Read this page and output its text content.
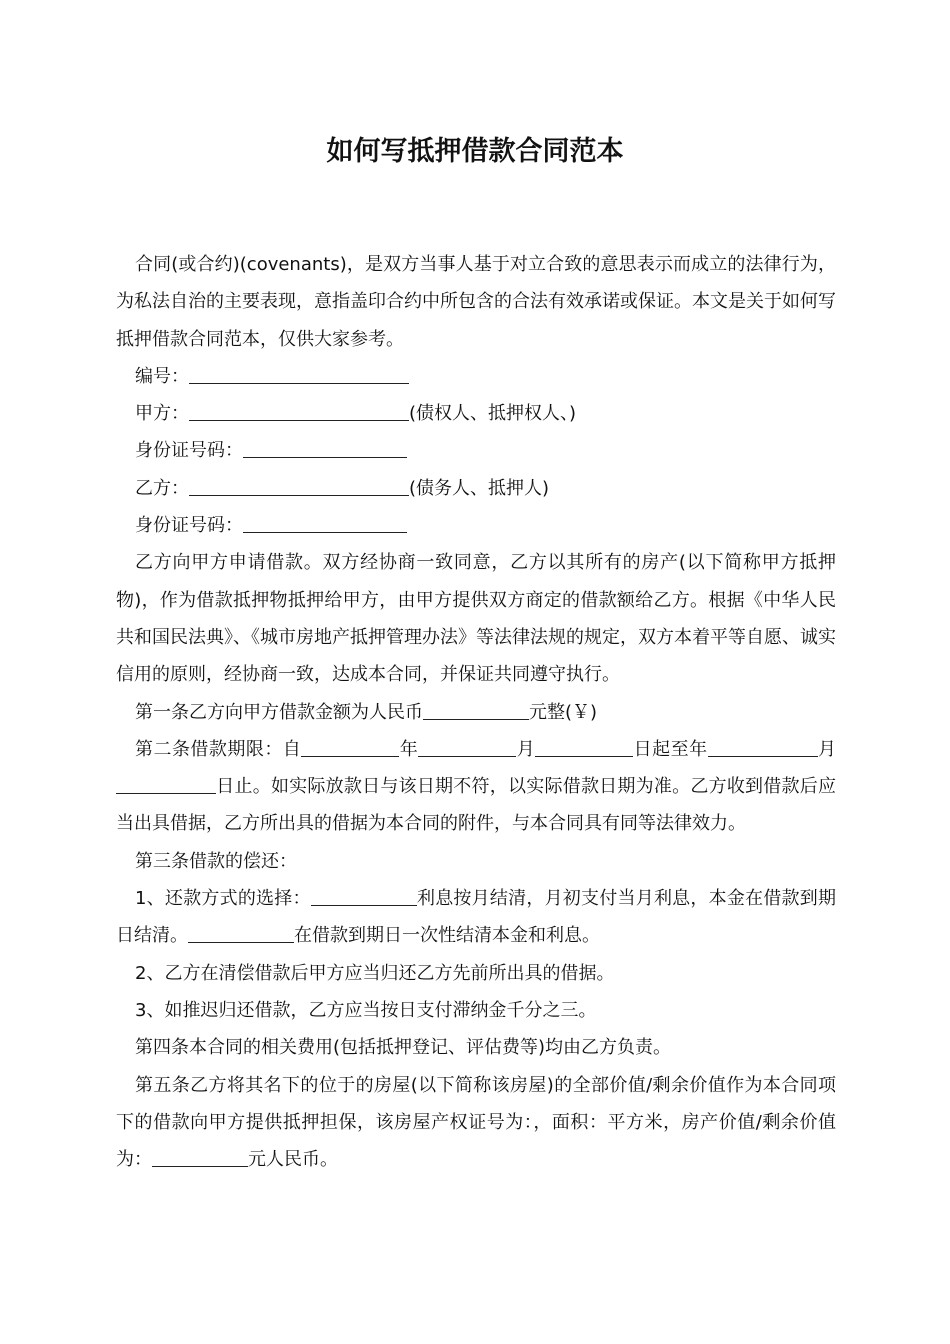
如何写抵押借款合同范本

合同(或合约)(covenants)，是双方当事人基于对立合致的意思表示而成立的法律行为，为私法自治的主要表现，意指盖印合约中所包含的合法有效承诺或保证。本文是关于如何写抵押借款合同范本，仅供大家参考。

编号：

甲方：	(债权人、抵押权人、)

身份证号码：

乙方：	(债务人、抵押人)

身份证号码：

乙方向甲方申请借款。双方经协商一致同意，乙方以其所有的房产(以下简称甲方抵押物)，作为借款抵押物抵押给甲方，由甲方提供双方商定的借款额给乙方。根据《中华人民共和国民法典》、《城市房地产抵押管理办法》等法律法规的规定，双方本着平等自愿、诚实信用的原则，经协商一致，达成本合同，并保证共同遵守执行。

第一条乙方向甲方借款金额为人民币	元整(￥)

第二条借款期限：自	年	月	日起至年	月日止。如实际放款日与该日期不符，以实际借款日期为准。乙方收到借款后应当出具借据，乙方所出具的借据为本合同的附件，与本合同具有同等法律效力。

第三条借款的偿还：

1、还款方式的选择：	利息按月结清，月初支付当月利息，本金在借款到期日结清。	在借款到期日一次性结清本金和利息。

2、乙方在清偿借款后甲方应当归还乙方先前所出具的借据。

3、如推迟归还借款，乙方应当按日支付滞纳金千分之三。

第四条本合同的相关费用(包括抵押登记、评估费等)均由乙方负责。

第五条乙方将其名下的位于的房屋(以下简称该房屋)的全部价值/剩余价值作为本合同项下的借款向甲方提供抵押担保，该房屋产权证号为：，面积：平方米，房产价值/剩余价值为：	元人民币。
